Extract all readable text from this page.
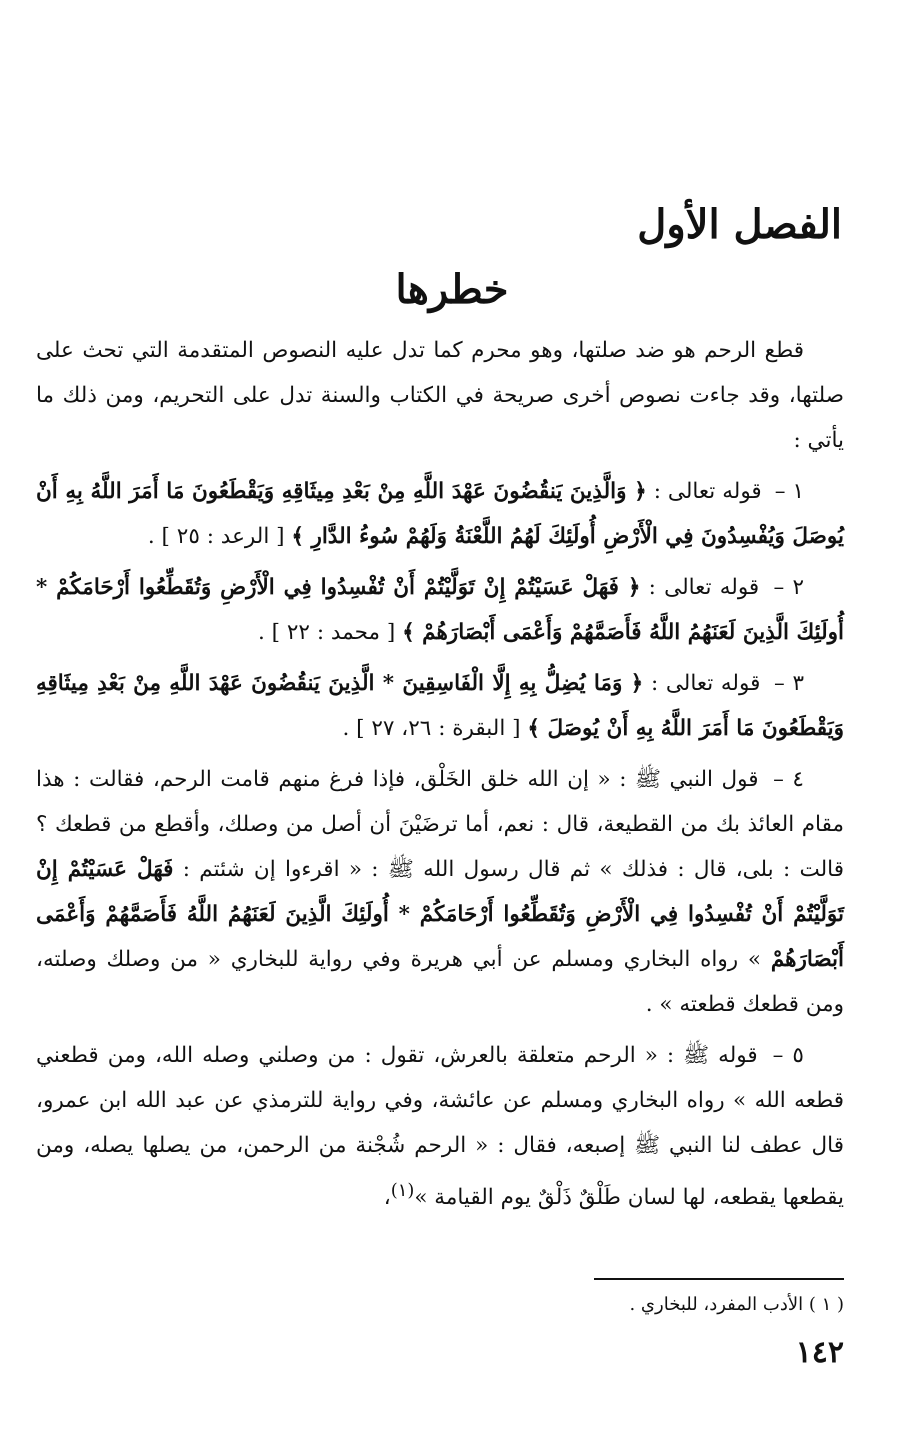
الفصل الأول
خطرها

قطع الرحم هو ضد صلتها، وهو محرم كما تدل عليه النصوص المتقدمة التي تحث على صلتها، وقد جاءت نصوص أخرى صريحة في الكتاب والسنة تدل على التحريم، ومن ذلك ما يأتي :

١ – قوله تعالى : ﴿ وَالَّذِينَ يَنقُضُونَ عَهْدَ اللَّهِ مِنْ بَعْدِ مِيثَاقِهِ وَيَقْطَعُونَ مَا أَمَرَ اللَّهُ بِهِ أَنْ يُوصَلَ وَيُفْسِدُونَ فِي الْأَرْضِ أُولَئِكَ لَهُمُ اللَّعْنَةُ وَلَهُمْ سُوءُ الدَّارِ ﴾ [ الرعد : ٢٥ ] .

٢ – قوله تعالى : ﴿ فَهَلْ عَسَيْتُمْ إِنْ تَوَلَّيْتُمْ أَنْ تُفْسِدُوا فِي الْأَرْضِ وَتُقَطِّعُوا أَرْحَامَكُمْ * أُولَئِكَ الَّذِينَ لَعَنَهُمُ اللَّهُ فَأَصَمَّهُمْ وَأَعْمَى أَبْصَارَهُمْ ﴾ [ محمد : ٢٢ ] .

٣ – قوله تعالى : ﴿ وَمَا يُضِلُّ بِهِ إِلَّا الْفَاسِقِينَ * الَّذِينَ يَنقُضُونَ عَهْدَ اللَّهِ مِنْ بَعْدِ مِيثَاقِهِ وَيَقْطَعُونَ مَا أَمَرَ اللَّهُ بِهِ أَنْ يُوصَلَ ﴾ [ البقرة : ٢٦، ٢٧ ] .

٤ – قول النبي ﷺ : « إن الله خلق الخَلْق، فإذا فرغ منهم قامت الرحم، فقالت : هذا مقام العائذ بك من القطيعة، قال : نعم، أما ترضَيْنَ أن أصل من وصلك، وأقطع من قطعك ؟ قالت : بلى، قال : فذلك » ثم قال رسول الله ﷺ : « اقرءوا إن شئتم : فَهَلْ عَسَيْتُمْ إِنْ تَوَلَّيْتُمْ أَنْ تُفْسِدُوا فِي الْأَرْضِ وَتُقَطِّعُوا أَرْحَامَكُمْ * أُولَئِكَ الَّذِينَ لَعَنَهُمُ اللَّهُ فَأَصَمَّهُمْ وَأَعْمَى أَبْصَارَهُمْ » رواه البخاري ومسلم عن أبي هريرة وفي رواية للبخاري « من وصلك وصلته، ومن قطعك قطعته » .

٥ – قوله ﷺ : « الرحم متعلقة بالعرش، تقول : من وصلني وصله الله، ومن قطعني قطعه الله » رواه البخاري ومسلم عن عائشة، وفي رواية للترمذي عن عبد الله ابن عمرو، قال عطف لنا النبي ﷺ إصبعه، فقال : « الرحم شُجْنة من الرحمن، من يصلها يصله، ومن يقطعها يقطعه، لها لسان طَلْقٌ ذَلْقٌ يوم القيامة »$^{(١)}$،

( ١ ) الأدب المفرد، للبخاري .
١٤٢
